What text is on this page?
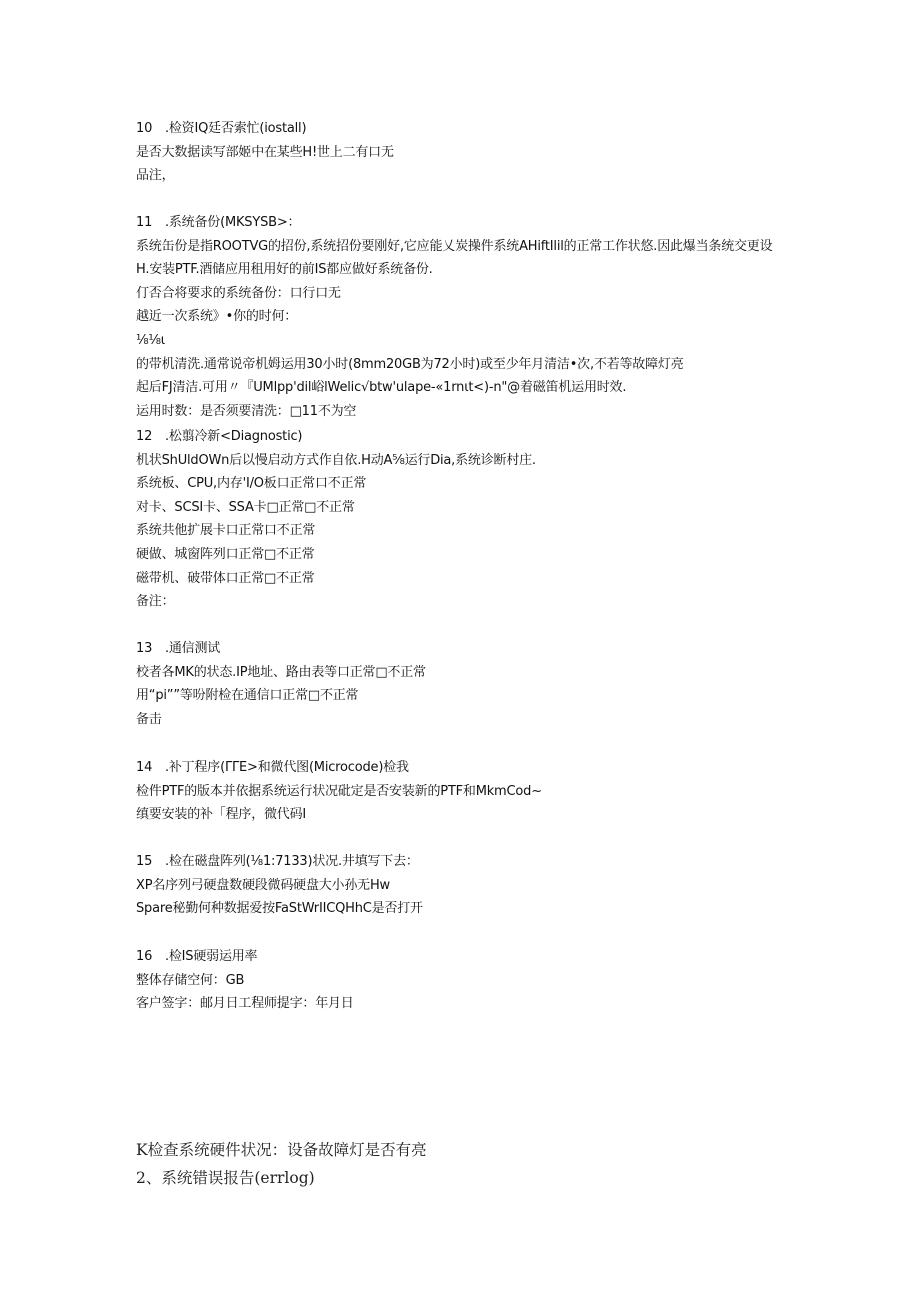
10　.检资IQ廷否索忙(iostall)
是否大数据读写部姬中在某些H!世上二有口无
品注，
11　.系统备份(MKSYSB>：
系统缶份是指ROOTVG的招份,系统招份要刚好,它应能乂炭操件系统AHiftIlil的正常工作状悠.因此爆当条统交更设
H.安装PTF.酒储应用租用好的前IS都应做好系统备份.
仃否合将要求的系统备份：口行口无
越近一次系统》•你的时何：
⅛⅛ι
的带机清洗.通常说帝机姆运用30小时(8mm20GB为72小时)或至少年月清洁•次,不若等故障灯亮
起后FJ清洁.可用〃『UMlpp'dil峪lWelic√btw'ulape-«1rnιt<)-n"@着磁笛机运用时效.
运用时数：是否须要清洗：□11不为空
12　.松翦冷新<Diagnostic)
机状ShUldOWn后以慢启动方式作自依.H动A⅝运行Dia,系统诊断村庄.
系统板、CPU,内存'I/O板口正常口不正常
对卡、SCSI卡、SSA卡□正常□不正常
系统共他扩展卡口正常口不正常
硬做、城窗阵列口正常□不正常
磁带机、破带体口正常□不正常
备注：
13　.通信测试
校者各MK的状态.IP地址、路由表等口正常□不正常
用“pi””等吩附检在通信口正常□不正常
备击
14　.补丁程序(ΓΓE>和微代图(Microcode)检我
检件PTF的版本并依据系统运行状况砒定是否安装新的PTF和MkmCod~
缜要安装的补「程序，微代码I
15　.检在磁盘阵列(⅛1:7133)状况.井填写下去：
XP名序列弓硬盘数硬段微码硬盘大小孙无Hw
Spare秘勤何种数据爱按FaStWrIICQHhC是否打开
16　.检IS硬弱运用率
整体存储空何：GB
客户签字：邮月日工程师提字：年月日
K检查系统硬件状况：设备故障灯是否有亮
2、系统错误报告(errlog)
